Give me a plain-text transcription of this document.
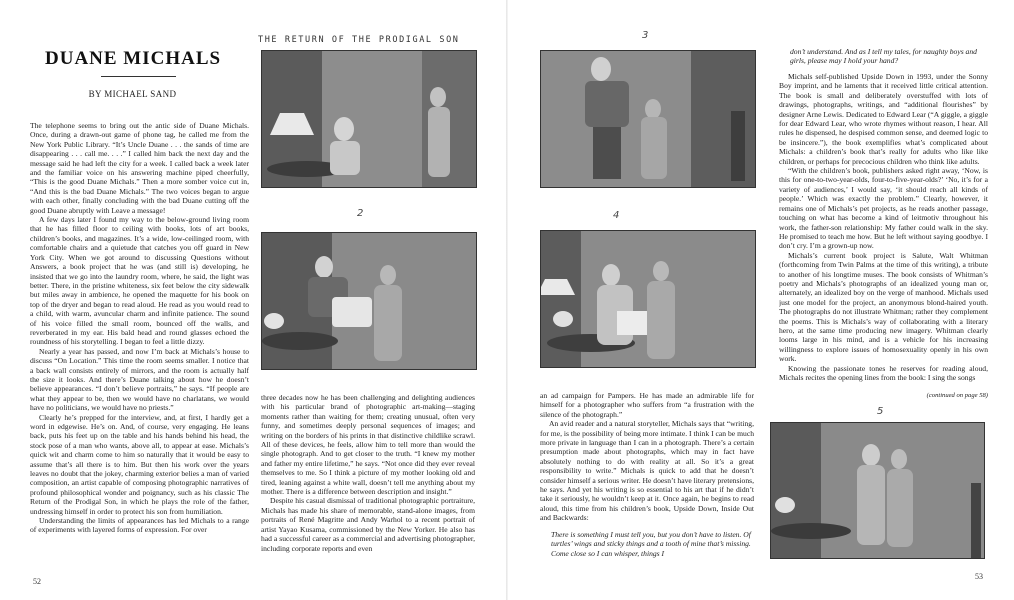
DUANE MICHALS
BY MICHAEL SAND

The telephone seems to bring out the antic side of Duane Michals. Once, during a drawn-out game of phone tag, he called me from the New York Public Library. “It’s Uncle Duane . . . the sands of time are disappearing . . . call me. . . .” I called him back the next day and the message said he had left the city for a week. I called back a week later and the familiar voice on his answering machine piped cheerfully, “This is the good Duane Michals.” Then a more somber voice cut in, “And this is the bad Duane Michals.” The two voices began to argue with each other, finally concluding with the bad Duane cutting off the good Duane abruptly with Leave a message!

A few days later I found my way to the below-ground living room that he has filled floor to ceiling with books, lots of art books, children’s books, and magazines. It’s a wide, low-ceilinged room, with comfortable chairs and a quietude that catches you off guard in New York City. When we got around to discussing Questions without Answers, a book project that he was (and still is) developing, he insisted that we go into the laundry room, where, he said, the light was better. There, in the pristine whiteness, six feet below the city sidewalk but miles away in ambience, he opened the maquette for his book on top of the dryer and began to read aloud. He read as you would read to a child, with warm, avuncular charm and infinite patience. The sound of his voice filled the small room, bounced off the walls, and reverberated in my ear. His bald head and round glasses echoed the roundness of his storytelling. I began to feel a little dizzy.

Nearly a year has passed, and now I’m back at Michals’s house to discuss “On Location.” This time the room seems smaller. I notice that a back wall consists entirely of mirrors, and the room is actually half the size it looks. And there’s Duane talking about how he doesn’t believe appearances. “I don’t believe portraits,” he says. “If people are what they appear to be, then we would have no charlatans, we would have no politicians, we would have no priests.”

Clearly he’s prepped for the interview, and, at first, I hardly get a word in edgewise. He’s on. And, of course, very engaging. He leans back, puts his feet up on the table and his hands behind his head, the stock pose of a man who wants, above all, to appear at ease. Michals’s quick wit and charm come to him so naturally that it would be easy to assume that’s all there is to him. But then his work over the years leaves no doubt that the jokey, charming exterior belies a man of varied composition, an artist capable of composing photographic narratives of profound philosophical wonder and poignancy, such as his classic The Return of the Prodigal Son, in which he plays the role of the father, undressing himself in order to protect his son from humiliation.

Understanding the limits of appearances has led Michals to a range of experiments with layered forms of expression. For over

THE RETURN OF THE PRODIGAL SON
2

three decades now he has been challenging and delighting audiences with his particular brand of photographic art-making—staging moments rather than waiting for them; creating unusual, often very funny, and sometimes deeply personal sequences of images; and writing on the borders of his prints in that distinctive childlike scrawl. All of these devices, he feels, allow him to tell more than would the single photograph. And to get closer to the truth. “I knew my mother and father my entire lifetime,” he says. “Not once did they ever reveal themselves to me. So I think a picture of my mother looking old and tired, leaning against a white wall, doesn’t tell me anything about my mother. There is a difference between description and insight.”

Despite his casual dismissal of traditional photographic portraiture, Michals has made his share of memorable, stand-alone images, from portraits of René Magritte and Andy Warhol to a recent portrait of artist Yayao Kusama, commissioned by the New Yorker. He also has had a successful career as a commercial and advertising photographer, including corporate reports and even

52
3
4

an ad campaign for Pampers. He has made an admirable life for himself for a photographer who suffers from “a frustration with the silence of the photograph.”

An avid reader and a natural storyteller, Michals says that “writing, for me, is the possibility of being more intimate. I think I can be much more private in language than I can in a photograph. There’s a certain presumption made about photographs, which may in fact have absolutely nothing to do with reality at all. So it’s a great responsibility to write.” Michals is quick to add that he doesn’t consider himself a serious writer. He doesn’t have literary pretensions, he says. And yet his writing is so essential to his art that if he didn’t take it seriously, he wouldn’t keep at it. Once again, he begins to read aloud, this time from his children’s book, Upside Down, Inside Out and Backwards:

There is something I must tell you, but you don’t have to listen. Of turtles’ wings and sticky things and a tooth of mine that’s missing. Come close so I can whisper, things I
don’t understand. And as I tell my tales, for naughty boys and girls, please may I hold your hand?

Michals self-published Upside Down in 1993, under the Sonny Boy imprint, and he laments that it received little critical attention. The book is small and deliberately overstuffed with lots of drawings, photographs, writings, and “additional flourishes” by designer Arne Lewis. Dedicated to Edward Lear (“A giggle, a giggle for dear Edward Lear, who wrote rhymes without reason, I hear. All rules he dispensed, he despised common sense, and deemed logic to be insincere.”), the book exemplifies what’s complicated about Michals: a children’s book that’s really for adults who like like children, or perhaps for precocious children who think like adults.

“With the children’s book, publishers asked right away, ‘Now, is this for one-to-two-year-olds, four-to-five-year-olds?’ ‘No, it’s for a variety of audiences,’ I would say, ‘it should reach all kinds of people.’ Which was exactly the problem.” Clearly, however, it remains one of Michals’s pet projects, as he reads another passage, touching on what has become a kind of leitmotiv throughout his work, the father-son relationship: My father could walk in the sky. He promised to teach me how. But he left without saying goodbye. I don’t cry. I’m a grown-up now.

Michals’s current book project is Salute, Walt Whitman (forthcoming from Twin Palms at the time of this writing), a tribute to another of his longtime muses. The book consists of Whitman’s poetry and Michals’s photographs of an idealized young man or, alternately, an idealized boy on the verge of manhood. Michals used just one model for the project, an anonymous blond-haired youth. The photographs do not illustrate Whitman; rather they complement the poems. This is Michals’s way of collaborating with a literary hero, at the same time producing new imagery. Whitman clearly looms large in his mind, and is a vehicle for his increasing willingness to explore issues of homosexuality openly in his own work.

Knowing the passionate tones he reserves for reading aloud, Michals recites the opening lines from the book: I sing the songs

(continued on page 58)
5
53
